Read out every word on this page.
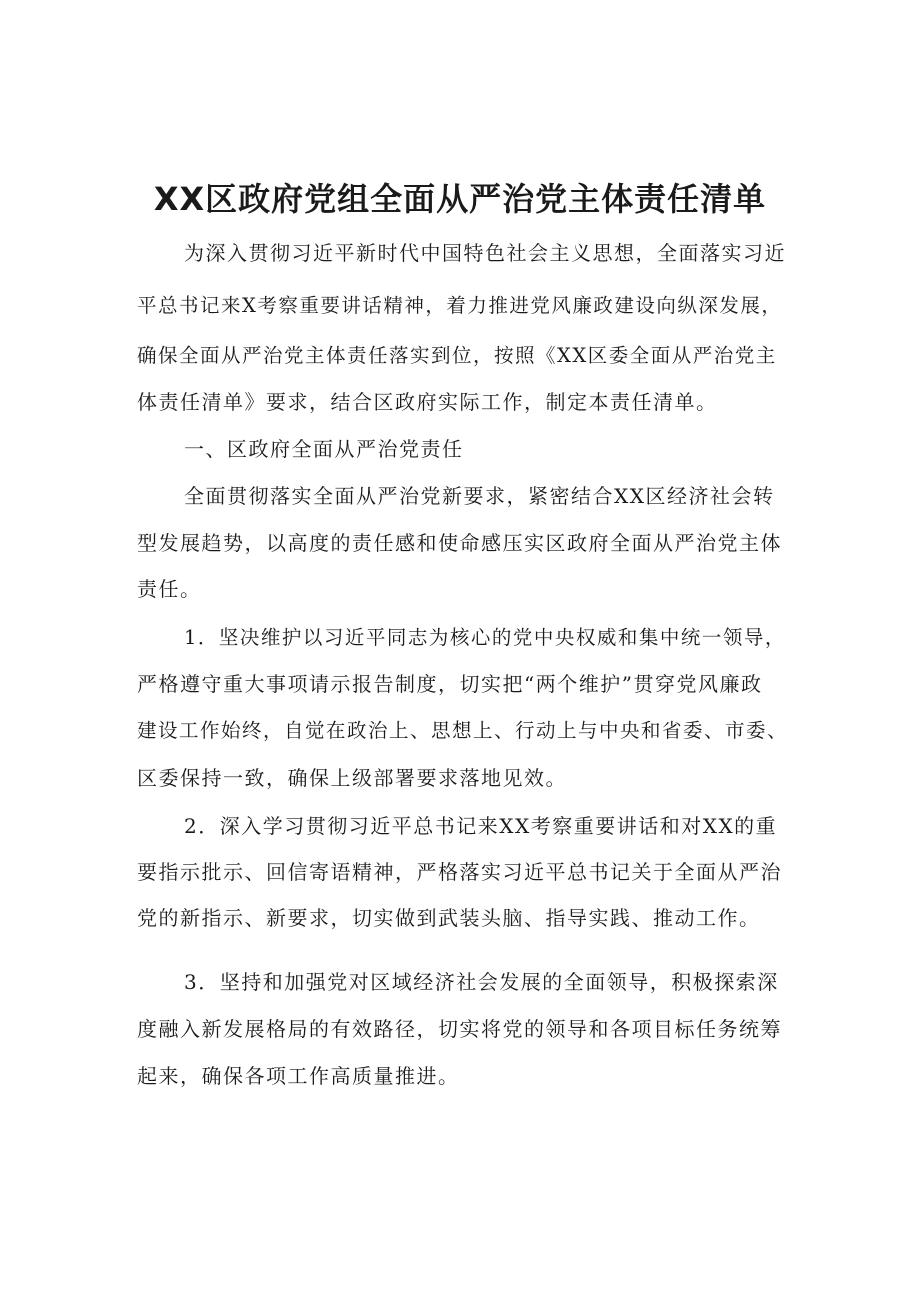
XX区政府党组全面从严治党主体责任清单
为深入贯彻习近平新时代中国特色社会主义思想，全面落实习近
平总书记来X考察重要讲话精神，着力推进党风廉政建设向纵深发展，
确保全面从严治党主体责任落实到位，按照《XX区委全面从严治党主
体责任清单》要求，结合区政府实际工作，制定本责任清单。
一、区政府全面从严治党责任
全面贯彻落实全面从严治党新要求，紧密结合XX区经济社会转
型发展趋势，以高度的责任感和使命感压实区政府全面从严治党主体
责任。
1．坚决维护以习近平同志为核心的党中央权威和集中统一领导，
严格遵守重大事项请示报告制度，切实把“两个维护”贯穿党风廉政
建设工作始终，自觉在政治上、思想上、行动上与中央和省委、市委、
区委保持一致，确保上级部署要求落地见效。
2．深入学习贯彻习近平总书记来XX考察重要讲话和对XX的重
要指示批示、回信寄语精神，严格落实习近平总书记关于全面从严治
党的新指示、新要求，切实做到武装头脑、指导实践、推动工作。
3．坚持和加强党对区域经济社会发展的全面领导，积极探索深
度融入新发展格局的有效路径，切实将党的领导和各项目标任务统筹
起来，确保各项工作高质量推进。
